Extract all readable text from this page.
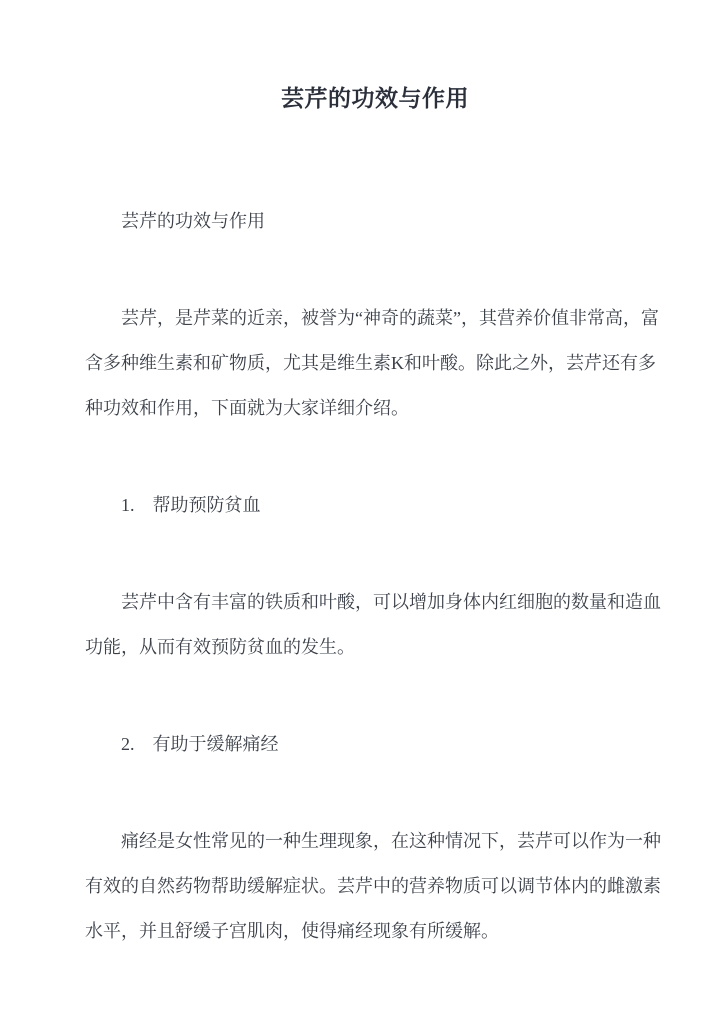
芸芹的功效与作用

芸芹的功效与作用

芸芹，是芹菜的近亲，被誉为“神奇的蔬菜”，其营养价值非常高，富含多种维生素和矿物质，尤其是维生素K和叶酸。除此之外，芸芹还有多种功效和作用，下面就为大家详细介绍。

1.　帮助预防贫血

芸芹中含有丰富的铁质和叶酸，可以增加身体内红细胞的数量和造血功能，从而有效预防贫血的发生。

2.　有助于缓解痛经

痛经是女性常见的一种生理现象，在这种情况下，芸芹可以作为一种有效的自然药物帮助缓解症状。芸芹中的营养物质可以调节体内的雌激素水平，并且舒缓子宫肌肉，使得痛经现象有所缓解。
